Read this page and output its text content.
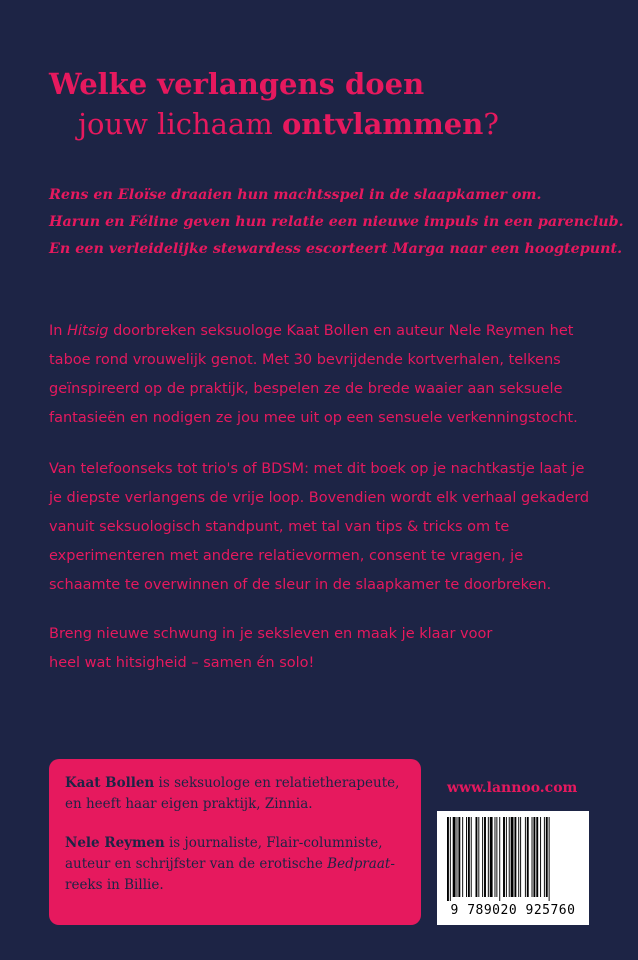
Welke verlangens doen
jouw lichaam ontvlammen?
Rens en Eloïse draaien hun machtsspel in de slaapkamer om.
Harun en Féline geven hun relatie een nieuwe impuls in een parenclub.
En een verleidelijke stewardess escorteert Marga naar een hoogtepunt.
In Hitsig doorbreken seksuologe Kaat Bollen en auteur Nele Reymen het
taboe rond vrouwelijk genot. Met 30 bevrijdende kortverhalen, telkens
geïnspireerd op de praktijk, bespelen ze de brede waaier aan seksuele
fantasieën en nodigen ze jou mee uit op een sensuele verkenningstocht.
Van telefoonseks tot trio's of BDSM: met dit boek op je nachtkastje laat je
je diepste verlangens de vrije loop. Bovendien wordt elk verhaal gekaderd
vanuit seksuologisch standpunt, met tal van tips & tricks om te
experimenteren met andere relatievormen, consent te vragen, je
schaamte te overwinnen of de sleur in de slaapkamer te doorbreken.
Breng nieuwe schwung in je seksleven en maak je klaar voor
heel wat hitsigheid – samen én solo!
Kaat Bollen is seksuologe en relatietherapeute,
en heeft haar eigen praktijk, Zinnia.
Nele Reymen is journaliste, Flair-columniste,
auteur en schrijfster van de erotische Bedpraat-
reeks in Billie.
www.lannoo.com
9 789020 925760
